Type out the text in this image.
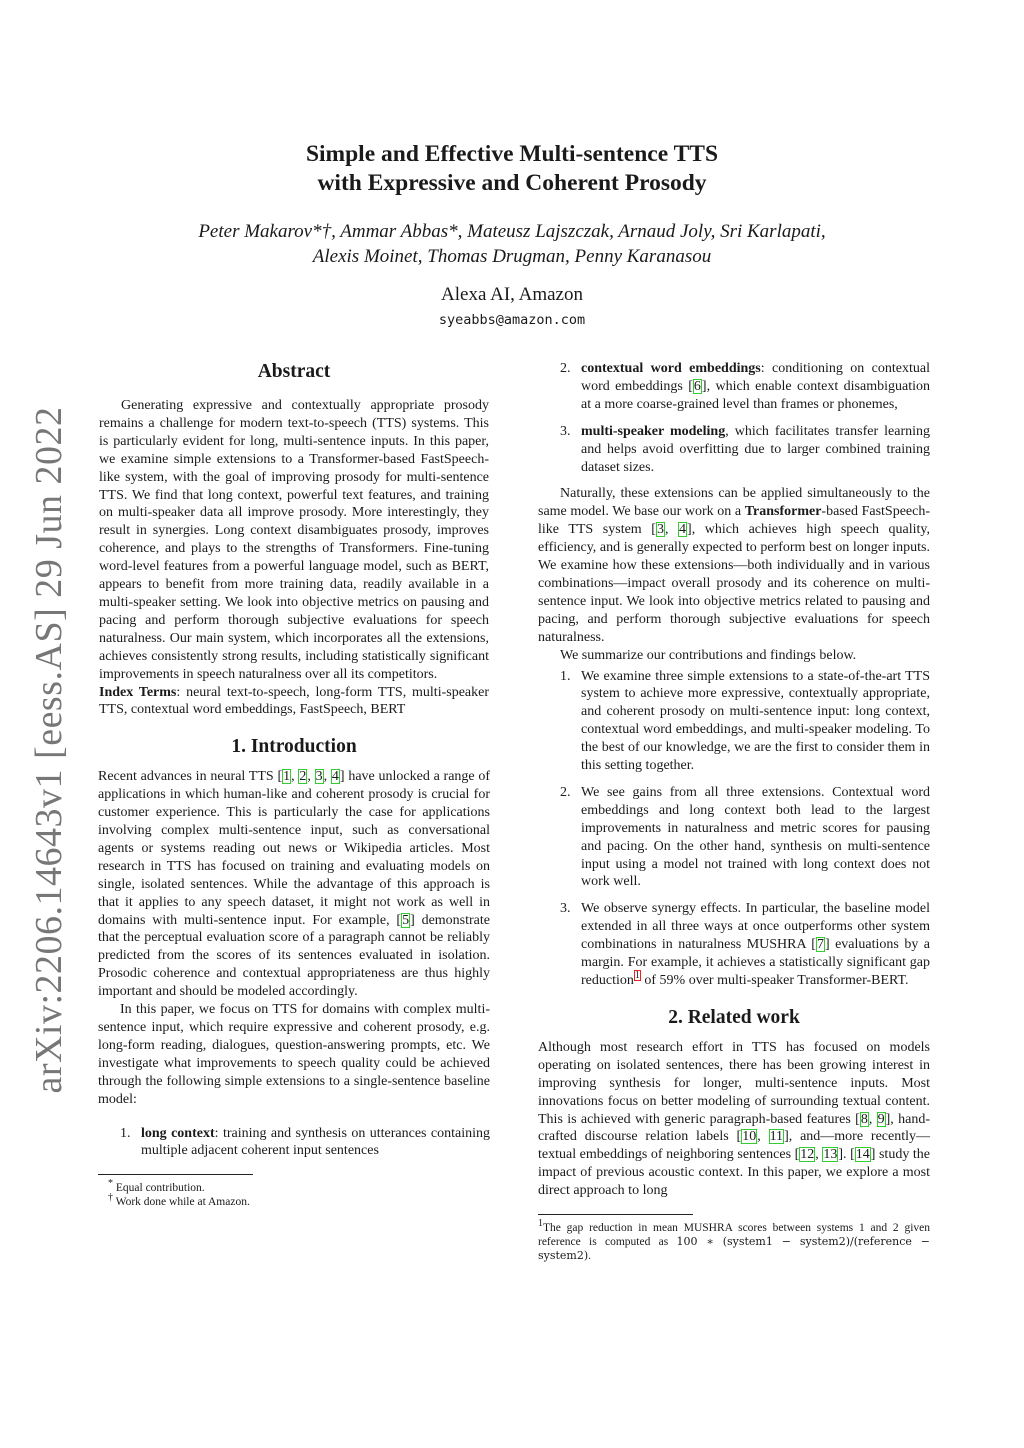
arXiv:2206.14643v1 [eess.AS] 29 Jun 2022
Simple and Effective Multi-sentence TTS
with Expressive and Coherent Prosody
Peter Makarov*†, Ammar Abbas*, Mateusz Lajszczak, Arnaud Joly, Sri Karlapati,
Alexis Moinet, Thomas Drugman, Penny Karanasou
Alexa AI, Amazon
syeabbs@amazon.com
Abstract

Generating expressive and contextually appropriate prosody remains a challenge for modern text-to-speech (TTS) systems. This is particularly evident for long, multi-sentence inputs. In this paper, we examine simple extensions to a Transformer-based FastSpeech-like system, with the goal of improving prosody for multi-sentence TTS. We find that long context, powerful text features, and training on multi-speaker data all improve prosody. More interestingly, they result in synergies. Long context disambiguates prosody, improves coherence, and plays to the strengths of Transformers. Fine-tuning word-level features from a powerful language model, such as BERT, appears to benefit from more training data, readily available in a multi-speaker setting. We look into objective metrics on pausing and pacing and perform thorough subjective evaluations for speech naturalness. Our main system, which incorporates all the extensions, achieves consistently strong results, including statistically significant improvements in speech naturalness over all its competitors.

Index Terms: neural text-to-speech, long-form TTS, multi-speaker TTS, contextual word embeddings, FastSpeech, BERT

1. Introduction

Recent advances in neural TTS [1, 2, 3, 4] have unlocked a range of applications in which human-like and coherent prosody is crucial for customer experience. This is particularly the case for applications involving complex multi-sentence input, such as conversational agents or systems reading out news or Wikipedia articles. Most research in TTS has focused on training and evaluating models on single, isolated sentences. While the advantage of this approach is that it applies to any speech dataset, it might not work as well in domains with multi-sentence input. For example, [5] demonstrate that the perceptual evaluation score of a paragraph cannot be reliably predicted from the scores of its sentences evaluated in isolation. Prosodic coherence and contextual appropriateness are thus highly important and should be modeled accordingly.

In this paper, we focus on TTS for domains with complex multi-sentence input, which require expressive and coherent prosody, e.g. long-form reading, dialogues, question-answering prompts, etc. We investigate what improvements to speech quality could be achieved through the following simple extensions to a single-sentence baseline model:

1. long context: training and synthesis on utterances containing multiple adjacent coherent input sentences
* Equal contribution.
† Work done while at Amazon.
2. contextual word embeddings: conditioning on contextual word embeddings [6], which enable context disambiguation at a more coarse-grained level than frames or phonemes,
3. multi-speaker modeling, which facilitates transfer learning and helps avoid overfitting due to larger combined training dataset sizes.

Naturally, these extensions can be applied simultaneously to the same model. We base our work on a Transformer-based FastSpeech-like TTS system [3, 4], which achieves high speech quality, efficiency, and is generally expected to perform best on longer inputs. We examine how these extensions—both individually and in various combinations—impact overall prosody and its coherence on multi-sentence input. We look into objective metrics related to pausing and pacing, and perform thorough subjective evaluations for speech naturalness.

We summarize our contributions and findings below.

1. We examine three simple extensions to a state-of-the-art TTS system to achieve more expressive, contextually appropriate, and coherent prosody on multi-sentence input: long context, contextual word embeddings, and multi-speaker modeling. To the best of our knowledge, we are the first to consider them in this setting together.
2. We see gains from all three extensions. Contextual word embeddings and long context both lead to the largest improvements in naturalness and metric scores for pausing and pacing. On the other hand, synthesis on multi-sentence input using a model not trained with long context does not work well.
3. We observe synergy effects. In particular, the baseline model extended in all three ways at once outperforms other system combinations in naturalness MUSHRA [7] evaluations by a margin. For example, it achieves a statistically significant gap reduction$^1$ of 59% over multi-speaker Transformer-BERT.
2. Related work

Although most research effort in TTS has focused on models operating on isolated sentences, there has been growing interest in improving synthesis for longer, multi-sentence inputs. Most innovations focus on better modeling of surrounding textual content. This is achieved with generic paragraph-based features [8, 9], hand-crafted discourse relation labels [10, 11], and—more recently—textual embeddings of neighboring sentences [12, 13]. [14] study the impact of previous acoustic context. In this paper, we explore a most direct approach to long

$^1$The gap reduction in mean MUSHRA scores between systems 1 and 2 given reference is computed as 100 ∗ (system1 − system2)/(reference − system2).
